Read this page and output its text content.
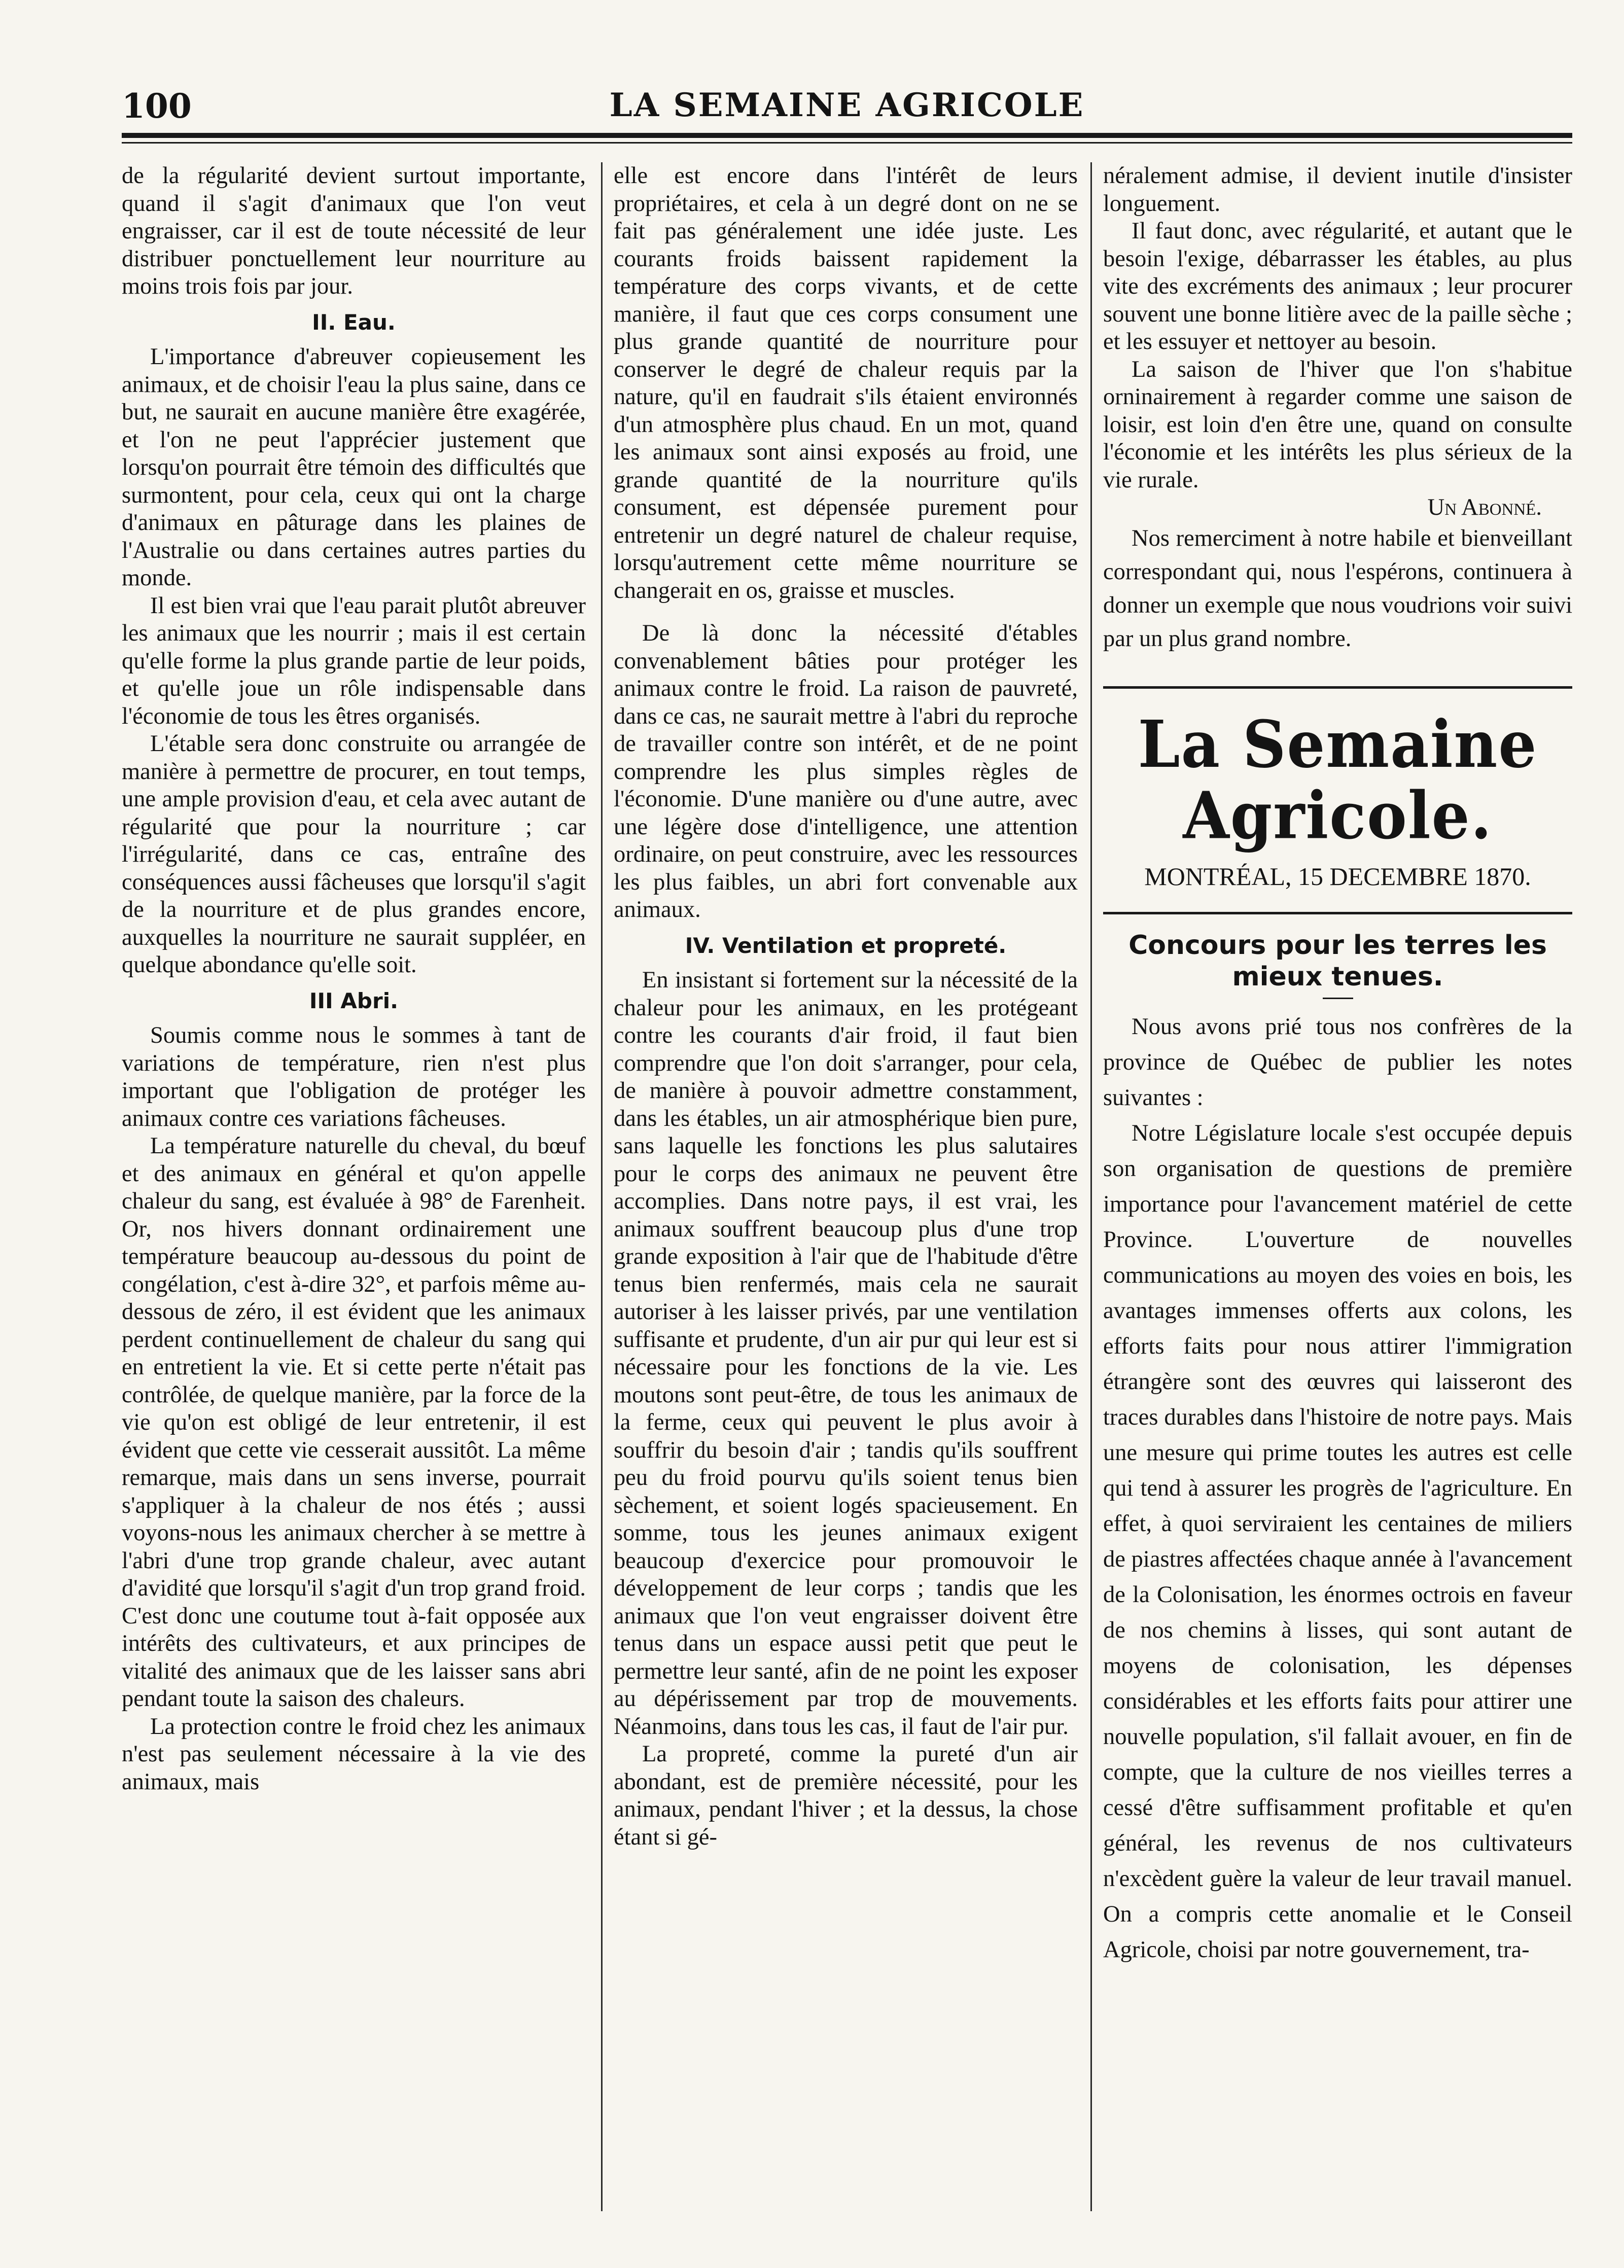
100	LA SEMAINE AGRICOLE

de la régularité devient surtout importante, quand il s'agit d'animaux que l'on veut engraisser, car il est de toute nécessité de leur distribuer ponctuellement leur nourriture au moins trois fois par jour.

II. Eau.

L'importance d'abreuver copieusement les animaux, et de choisir l'eau la plus saine, dans ce but, ne saurait en aucune manière être exagérée, et l'on ne peut l'apprécier justement que lorsqu'on pourrait être témoin des difficultés que surmontent, pour cela, ceux qui ont la charge d'animaux en pâturage dans les plaines de l'Australie ou dans certaines autres parties du monde.

Il est bien vrai que l'eau parait plutôt abreuver les animaux que les nourrir ; mais il est certain qu'elle forme la plus grande partie de leur poids, et qu'elle joue un rôle indispensable dans l'économie de tous les êtres organisés.

L'étable sera donc construite ou arrangée de manière à permettre de procurer, en tout temps, une ample provision d'eau, et cela avec autant de régularité que pour la nourriture ; car l'irrégularité, dans ce cas, entraîne des conséquences aussi fâcheuses que lorsqu'il s'agit de la nourriture et de plus grandes encore, auxquelles la nourriture ne saurait suppléer, en quelque abondance qu'elle soit.

III Abri.

Soumis comme nous le sommes à tant de variations de température, rien n'est plus important que l'obligation de protéger les animaux contre ces variations fâcheuses.

La température naturelle du cheval, du bœuf et des animaux en général et qu'on appelle chaleur du sang, est évaluée à 98° de Farenheit. Or, nos hivers donnant ordinairement une température beaucoup au-dessous du point de congélation, c'est à-dire 32°, et parfois même au-dessous de zéro, il est évident que les animaux perdent continuellement de chaleur du sang qui en entretient la vie. Et si cette perte n'était pas contrôlée, de quelque manière, par la force de la vie qu'on est obligé de leur entretenir, il est évident que cette vie cesserait aussitôt. La même remarque, mais dans un sens inverse, pourrait s'appliquer à la chaleur de nos étés ; aussi voyons-nous les animaux chercher à se mettre à l'abri d'une trop grande chaleur, avec autant d'avidité que lorsqu'il s'agit d'un trop grand froid. C'est donc une coutume tout à-fait opposée aux intérêts des cultivateurs, et aux principes de vitalité des animaux que de les laisser sans abri pendant toute la saison des chaleurs.

La protection contre le froid chez les animaux n'est pas seulement nécessaire à la vie des animaux, mais

elle est encore dans l'intérêt de leurs propriétaires, et cela à un degré dont on ne se fait pas généralement une idée juste. Les courants froids baissent rapidement la température des corps vivants, et de cette manière, il faut que ces corps consument une plus grande quantité de nourriture pour conserver le degré de chaleur requis par la nature, qu'il en faudrait s'ils étaient environnés d'un atmosphère plus chaud. En un mot, quand les animaux sont ainsi exposés au froid, une grande quantité de la nourriture qu'ils consument, est dépensée purement pour entretenir un degré naturel de chaleur requise, lorsqu'autrement cette même nourriture se changerait en os, graisse et muscles.

De là donc la nécessité d'étables convenablement bâties pour protéger les animaux contre le froid. La raison de pauvreté, dans ce cas, ne saurait mettre à l'abri du reproche de travailler contre son intérêt, et de ne point comprendre les plus simples règles de l'économie. D'une manière ou d'une autre, avec une légère dose d'intelligence, une attention ordinaire, on peut construire, avec les ressources les plus faibles, un abri fort convenable aux animaux.

IV. Ventilation et propreté.

En insistant si fortement sur la nécessité de la chaleur pour les animaux, en les protégeant contre les courants d'air froid, il faut bien comprendre que l'on doit s'arranger, pour cela, de manière à pouvoir admettre constamment, dans les étables, un air atmosphérique bien pure, sans laquelle les fonctions les plus salutaires pour le corps des animaux ne peuvent être accomplies. Dans notre pays, il est vrai, les animaux souffrent beaucoup plus d'une trop grande exposition à l'air que de l'habitude d'être tenus bien renfermés, mais cela ne saurait autoriser à les laisser privés, par une ventilation suffisante et prudente, d'un air pur qui leur est si nécessaire pour les fonctions de la vie. Les moutons sont peut-être, de tous les animaux de la ferme, ceux qui peuvent le plus avoir à souffrir du besoin d'air ; tandis qu'ils souffrent peu du froid pourvu qu'ils soient tenus bien sèchement, et soient logés spacieusement. En somme, tous les jeunes animaux exigent beaucoup d'exercice pour promouvoir le développement de leur corps ; tandis que les animaux que l'on veut engraisser doivent être tenus dans un espace aussi petit que peut le permettre leur santé, afin de ne point les exposer au dépérissement par trop de mouvements. Néanmoins, dans tous les cas, il faut de l'air pur.

La propreté, comme la pureté d'un air abondant, est de première nécessité, pour les animaux, pendant l'hiver ; et la dessus, la chose étant si gé-

néralement admise, il devient inutile d'insister longuement.

Il faut donc, avec régularité, et autant que le besoin l'exige, débarrasser les étables, au plus vite des excréments des animaux ; leur procurer souvent une bonne litière avec de la paille sèche ; et les essuyer et nettoyer au besoin.

La saison de l'hiver que l'on s'habitue orninairement à regarder comme une saison de loisir, est loin d'en être une, quand on consulte l'économie et les intérêts les plus sérieux de la vie rurale.

Un Abonné.

Nos remerciment à notre habile et bienveillant correspondant qui, nous l'espérons, continuera à donner un exemple que nous voudrions voir suivi par un plus grand nombre.

La Semaine Agricole.
MONTRÉAL, 15 DECEMBRE 1870.
Concours pour les terres les mieux tenues.

Nous avons prié tous nos confrères de la province de Québec de publier les notes suivantes :

Notre Législature locale s'est occupée depuis son organisation de questions de première importance pour l'avancement matériel de cette Province. L'ouverture de nouvelles communications au moyen des voies en bois, les avantages immenses offerts aux colons, les efforts faits pour nous attirer l'immigration étrangère sont des œuvres qui laisseront des traces durables dans l'histoire de notre pays. Mais une mesure qui prime toutes les autres est celle qui tend à assurer les progrès de l'agriculture. En effet, à quoi serviraient les centaines de miliers de piastres affectées chaque année à l'avancement de la Colonisation, les énormes octrois en faveur de nos chemins à lisses, qui sont autant de moyens de colonisation, les dépenses considérables et les efforts faits pour attirer une nouvelle population, s'il fallait avouer, en fin de compte, que la culture de nos vieilles terres a cessé d'être suffisamment profitable et qu'en général, les revenus de nos cultivateurs n'excèdent guère la valeur de leur travail manuel. On a compris cette anomalie et le Conseil Agricole, choisi par notre gouvernement, tra-
